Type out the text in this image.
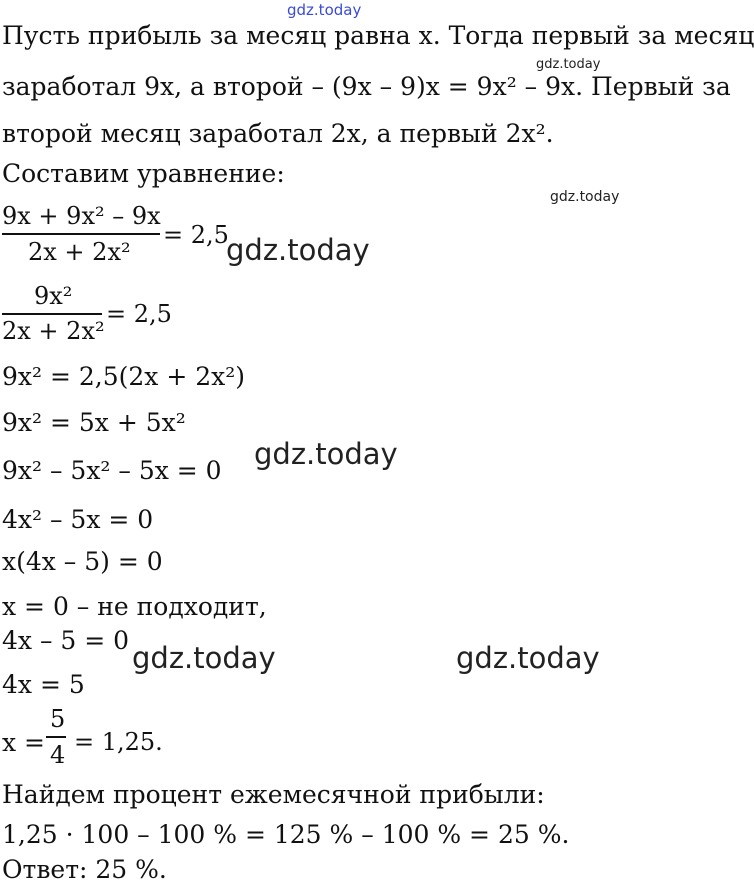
gdz.today
gdz.today
gdz.today
gdz.today
gdz.today
gdz.today	gdz.today
Пусть прибыль за месяц равна x. Тогда первый за месяц
заработал 9x, а второй – (9x – 9)x = 9x² – 9x. Первый за
второй месяц заработал 2x, а первый 2x².
Составим уравнение:
9x + 9x² – 9x
2x + 2x²
= 2,5
9x²
2x + 2x²
= 2,5
9x² = 2,5(2x + 2x²)
9x² = 5x + 5x²
9x² – 5x² – 5x = 0
4x² – 5x = 0
x(4x – 5) = 0
x = 0 – не подходит,
4x – 5 = 0
4x = 5
x =
5
4 = 1,25.
Найдем процент ежемесячной прибыли:
1,25 · 100 – 100 % = 125 % – 100 % = 25 %.
Ответ: 25 %.
